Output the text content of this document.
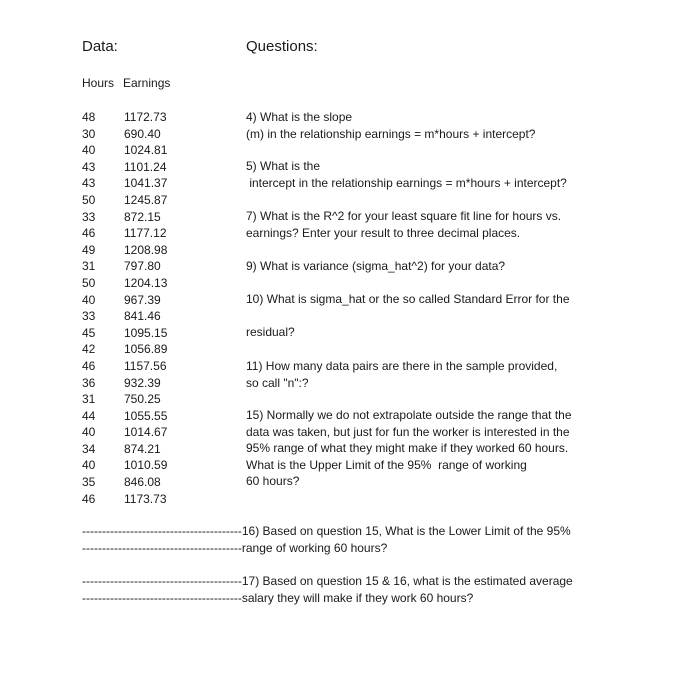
Data:	Questions:
Hours Earnings
48	1172.73
30	690.40
40	1024.81
43	1101.24
43	1041.37
50	1245.87
33	872.15
46	1177.12
49	1208.98
31	797.80
50	1204.13
40	967.39
33	841.46
45	1095.15
42	1056.89
46	1157.56
36	932.39
31	750.25
44	1055.55
40	1014.67
34	874.21
40	1010.59
35	846.08
46	1173.73
4) What is the slope
(m) in the relationship earnings = m*hours + intercept?
5) What is the
intercept in the relationship earnings = m*hours + intercept?
7) What is the R^2 for your least square fit line for hours vs.
earnings? Enter your result to three decimal places.
9) What is variance (sigma_hat^2) for your data?
10) What is sigma_hat or the so called Standard Error for the
residual?
11) How many data pairs are there in the sample provided,
so call "n":?
15) Normally we do not extrapolate outside the range that the
data was taken, but just for fun the worker is interested in the
95% range of what they might make if they worked 60 hours.
What is the Upper Limit of the 95%  range of working
60 hours?
----------------------------------------16) Based on question 15, What is the Lower Limit of the 95%
----------------------------------------range of working 60 hours?
----------------------------------------17) Based on question 15 & 16, what is the estimated average
----------------------------------------salary they will make if they work 60 hours?
